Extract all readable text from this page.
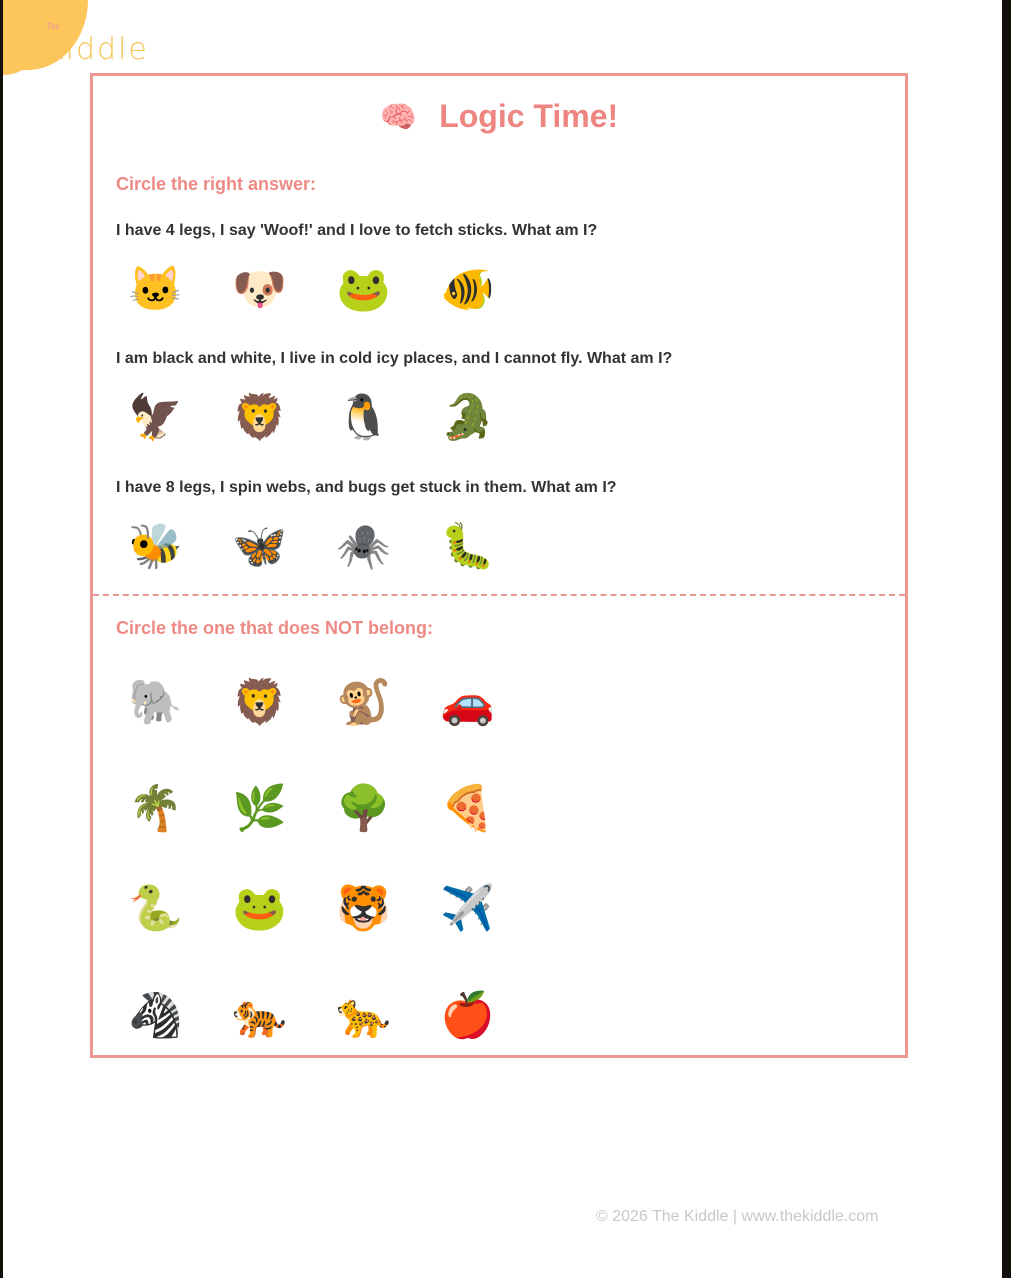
The
Kiddle
🧠 Logic Time!
Circle the right answer:
I have 4 legs, I say 'Woof!' and I love to fetch sticks. What am I?
🐱	🐶	🐸	🐠
I am black and white, I live in cold icy places, and I cannot fly. What am I?
🦅	🦁	🐧	🐊
I have 8 legs, I spin webs, and bugs get stuck in them. What am I?
🐝	🦋	🕷️	🐛
Circle the one that does NOT belong:
🐘	🦁	🐒	🚗
🌴	🌿	🌳	🍕
🐍	🐸	🐯	✈️
🦓	🐅	🐆	🍎
© 2026 The Kiddle | www.thekiddle.com
